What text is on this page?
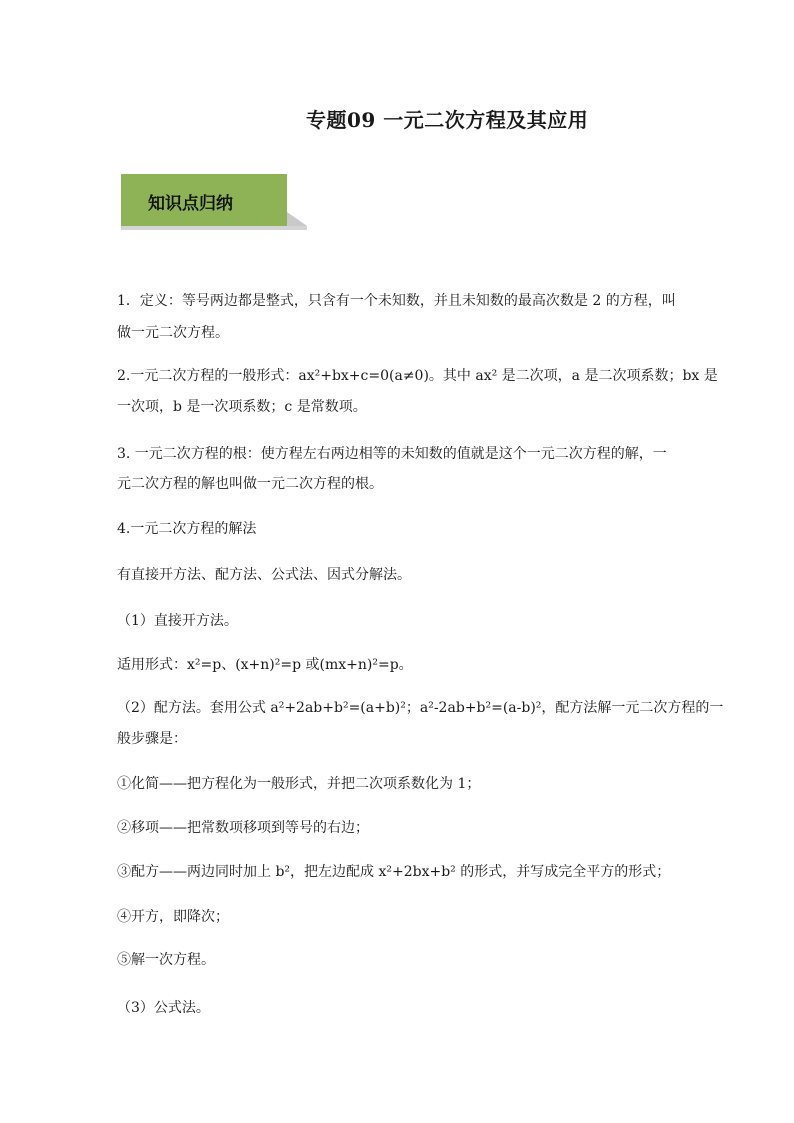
专题09 一元二次方程及其应用
知识点归纳

1．定义：等号两边都是整式，只含有一个未知数，并且未知数的最高次数是 2 的方程，叫

做一元二次方程。

2.一元二次方程的一般形式：ax²+bx+c=0(a≠0)。其中 ax² 是二次项，a 是二次项系数；bx 是

一次项，b 是一次项系数；c 是常数项。

3. 一元二次方程的根：使方程左右两边相等的未知数的值就是这个一元二次方程的解，一

元二次方程的解也叫做一元二次方程的根。

4.一元二次方程的解法

有直接开方法、配方法、公式法、因式分解法。

（1）直接开方法。

适用形式：x²=p、(x+n)²=p 或(mx+n)²=p。

（2）配方法。套用公式 a²+2ab+b²=(a+b)²；a²-2ab+b²=(a-b)²，配方法解一元二次方程的一

般步骤是：

①化简——把方程化为一般形式，并把二次项系数化为 1；

②移项——把常数项移项到等号的右边；

③配方——两边同时加上 b²，把左边配成 x²+2bx+b² 的形式，并写成完全平方的形式；

④开方，即降次；

⑤解一次方程。

（3）公式法。
